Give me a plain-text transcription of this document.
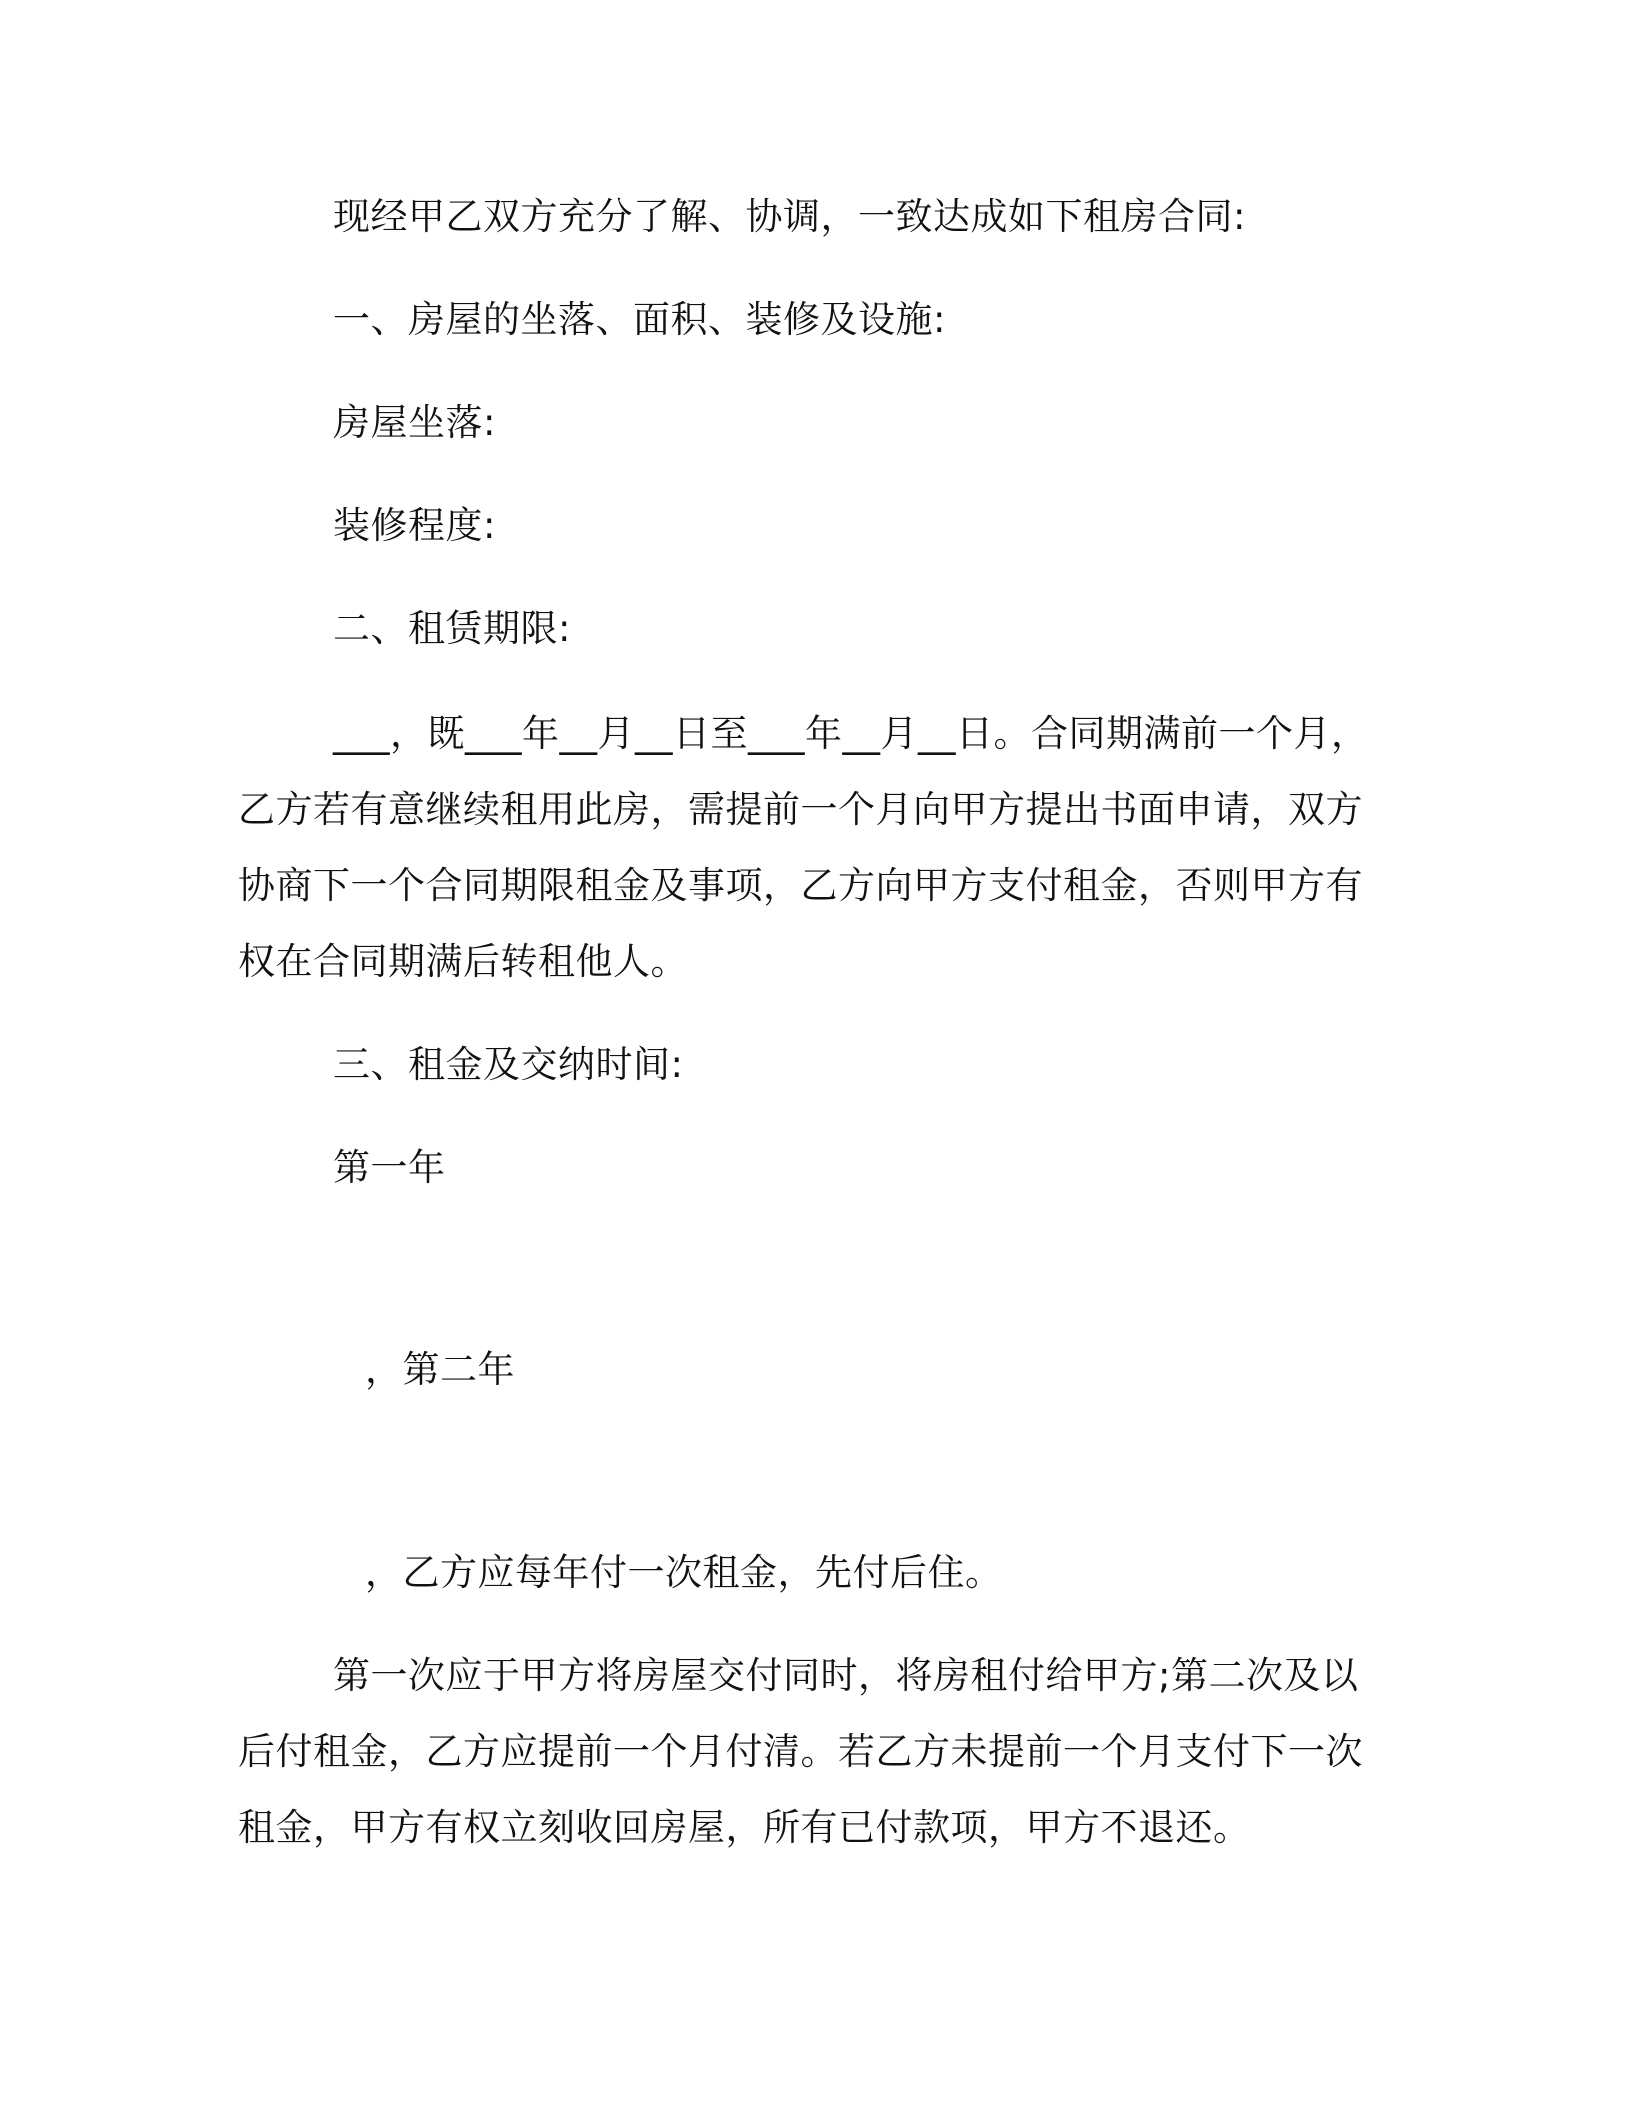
现经甲乙双方充分了解、协调，一致达成如下租房合同:

一、房屋的坐落、面积、装修及设施:

房屋坐落:

装修程度:

二、租赁期限:

___，既___年__月__日至___年__月__日。合同期满前一个月，

乙方若有意继续租用此房，需提前一个月向甲方提出书面申请，双方

协商下一个合同期限租金及事项，乙方向甲方支付租金，否则甲方有

权在合同期满后转租他人。

三、租金及交纳时间:

第一年

，第二年

，乙方应每年付一次租金，先付后住。

第一次应于甲方将房屋交付同时，将房租付给甲方;第二次及以

后付租金，乙方应提前一个月付清。若乙方未提前一个月支付下一次

租金，甲方有权立刻收回房屋，所有已付款项，甲方不退还。
